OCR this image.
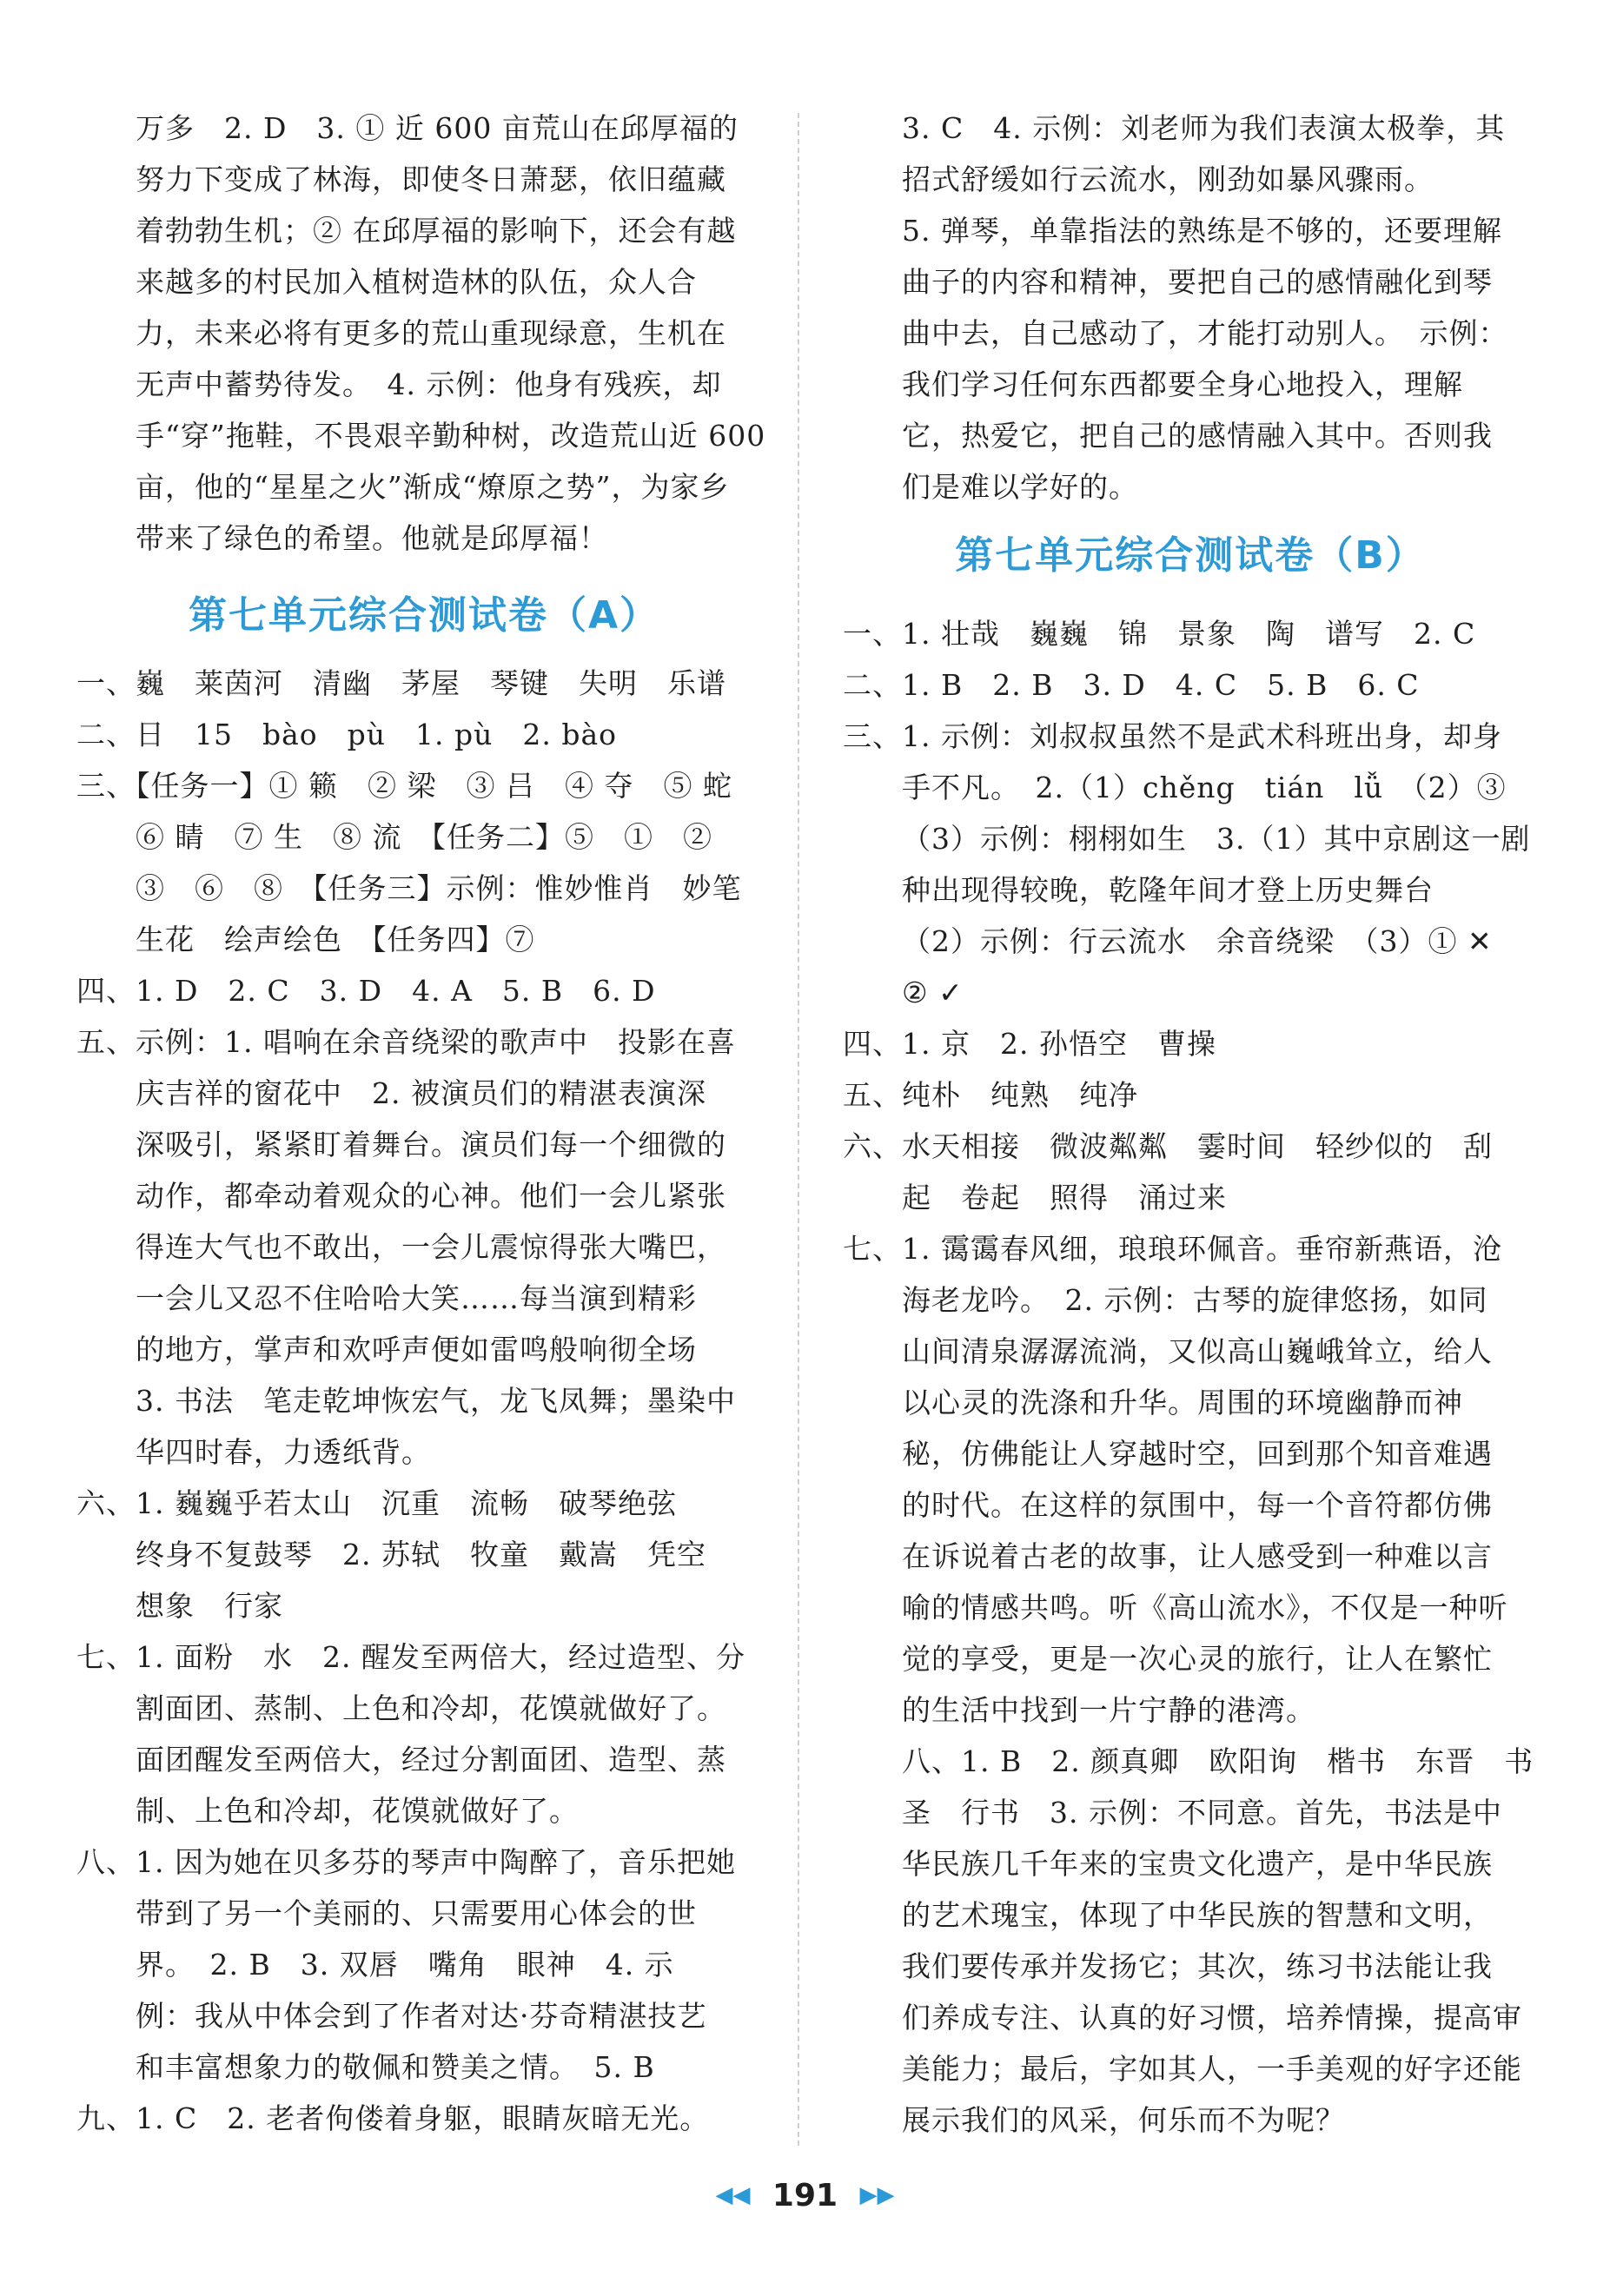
万多　2. D　3. ① 近 600 亩荒山在邱厚福的
努力下变成了林海，即使冬日萧瑟，依旧蕴藏
着勃勃生机；② 在邱厚福的影响下，还会有越
来越多的村民加入植树造林的队伍，众人合
力，未来必将有更多的荒山重现绿意，生机在
无声中蓄势待发。　4. 示例：他身有残疾，却
手“穿”拖鞋，不畏艰辛勤种树，改造荒山近 600
亩，他的“星星之火”渐成“燎原之势”，为家乡
带来了绿色的希望。他就是邱厚福！
第七单元综合测试卷（A）
一、巍　莱茵河　清幽　茅屋　琴键　失明　乐谱
二、日　15　bào　pù　1. pù　2. bào
三、【任务一】① 籁　② 梁　③ 吕　④ 夺　⑤ 蛇
⑥ 睛　⑦ 生　⑧ 流　【任务二】⑤　①　②
③　⑥　⑧　【任务三】示例：惟妙惟肖　妙笔
生花　绘声绘色　【任务四】⑦
四、1. D　2. C　3. D　4. A　5. B　6. D
五、示例：1. 唱响在余音绕梁的歌声中　投影在喜
庆吉祥的窗花中　2. 被演员们的精湛表演深
深吸引，紧紧盯着舞台。演员们每一个细微的
动作，都牵动着观众的心神。他们一会儿紧张
得连大气也不敢出，一会儿震惊得张大嘴巴，
一会儿又忍不住哈哈大笑……每当演到精彩
的地方，掌声和欢呼声便如雷鸣般响彻全场
3. 书法　笔走乾坤恢宏气，龙飞凤舞；墨染中
华四时春，力透纸背。
六、1. 巍巍乎若太山　沉重　流畅　破琴绝弦
终身不复鼓琴　2. 苏轼　牧童　戴嵩　凭空
想象　行家
七、1. 面粉　水　2. 醒发至两倍大，经过造型、分
割面团、蒸制、上色和冷却，花馍就做好了。
面团醒发至两倍大，经过分割面团、造型、蒸
制、上色和冷却，花馍就做好了。
八、1. 因为她在贝多芬的琴声中陶醉了，音乐把她
带到了另一个美丽的、只需要用心体会的世
界。　2. B　3. 双唇　嘴角　眼神　4. 示
例：我从中体会到了作者对达·芬奇精湛技艺
和丰富想象力的敬佩和赞美之情。　5. B
九、1. C　2. 老者佝偻着身躯，眼睛灰暗无光。
3. C　4. 示例：刘老师为我们表演太极拳，其
招式舒缓如行云流水，刚劲如暴风骤雨。
5. 弹琴，单靠指法的熟练是不够的，还要理解
曲子的内容和精神，要把自己的感情融化到琴
曲中去，自己感动了，才能打动别人。　示例：
我们学习任何东西都要全身心地投入，理解
它，热爱它，把自己的感情融入其中。否则我
们是难以学好的。
第七单元综合测试卷（B）
一、1. 壮哉　巍巍　锦　景象　陶　谱写　2. C
二、1. B　2. B　3. D　4. C　5. B　6. C
三、1. 示例：刘叔叔虽然不是武术科班出身，却身
手不凡。　2.（1）chěng　tián　lǚ　（2）③
（3）示例：栩栩如生　3.（1）其中京剧这一剧
种出现得较晚，乾隆年间才登上历史舞台
（2）示例：行云流水　余音绕梁　（3）① ✕
② ✓
四、1. 京　2. 孙悟空　曹操
五、纯朴　纯熟　纯净
六、水天相接　微波粼粼　霎时间　轻纱似的　刮
起　卷起　照得　涌过来
七、1. 霭霭春风细，琅琅环佩音。垂帘新燕语，沧
海老龙吟。　2. 示例：古琴的旋律悠扬，如同
山间清泉潺潺流淌，又似高山巍峨耸立，给人
以心灵的洗涤和升华。周围的环境幽静而神
秘，仿佛能让人穿越时空，回到那个知音难遇
的时代。在这样的氛围中，每一个音符都仿佛
在诉说着古老的故事，让人感受到一种难以言
喻的情感共鸣。听《高山流水》，不仅是一种听
觉的享受，更是一次心灵的旅行，让人在繁忙
的生活中找到一片宁静的港湾。
八、1. B　2. 颜真卿　欧阳询　楷书　东晋　书
圣　行书　3. 示例：不同意。首先，书法是中
华民族几千年来的宝贵文化遗产，是中华民族
的艺术瑰宝，体现了中华民族的智慧和文明，
我们要传承并发扬它；其次，练习书法能让我
们养成专注、认真的好习惯，培养情操，提高审
美能力；最后，字如其人，一手美观的好字还能
展示我们的风采，何乐而不为呢？
◀◀ 191 ▶▶
